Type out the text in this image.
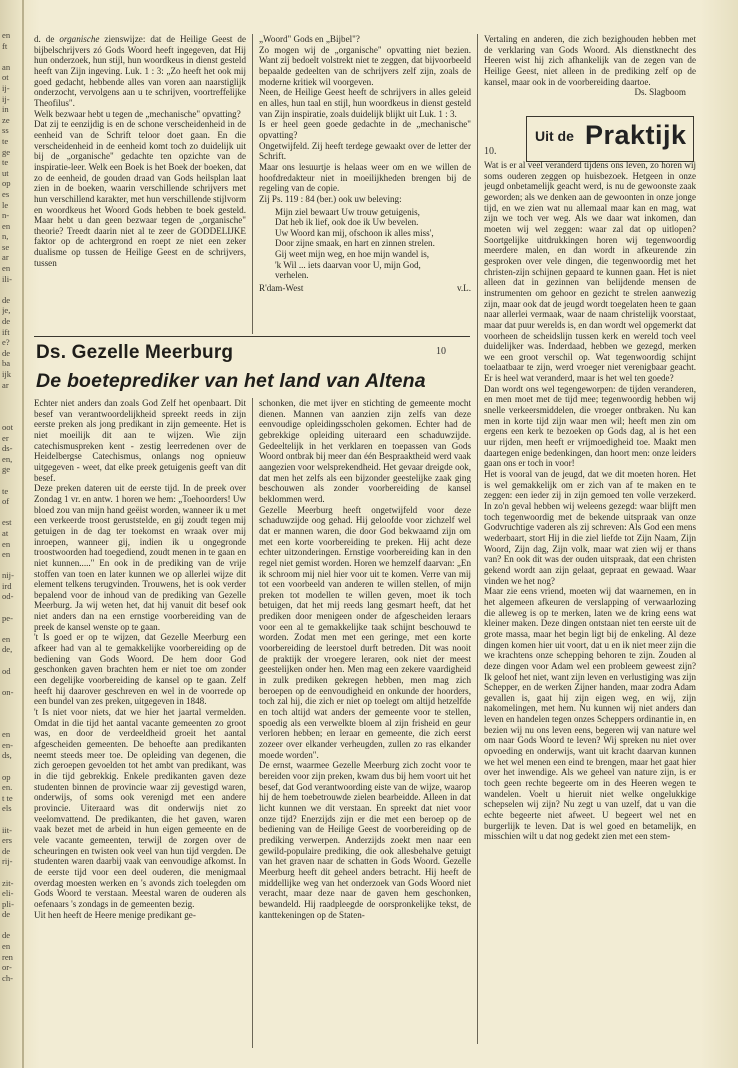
en
ft

an
ot
ij-
ij-
in
ze
ss
te
ge
te
ut
op
es
le
n-
en
n,
se
ar
en
ili-

de
je,
de
ift
e?
de
ba
ijk
ar

oot
er
ds-
en,
ge

te
of

est
at
en
en

nij-
ird
od-

pe-

en
de,

od

on-

en
en-
ds,

op
en.
t te
els

iit-
ers
de
rij-

zit-
eli-
pli-
de

de
en
ren
or-
ch-

d. de organische zienswijze: dat de Heilige Geest de bijbelschrijvers zó Gods Woord heeft ingegeven, dat Hij hun onderzoek, hun stijl, hun woordkeus in dienst gesteld heeft van Zijn ingeving. Luk. 1 : 3: „Zo heeft het ook mij goed gedacht, hebbende alles van voren aan naarstiglijk onderzocht, vervolgens aan u te schrijven, voortreffelijke Theofilus".

Welk bezwaar hebt u tegen de „mechanische" opvatting?

Dat zij te eenzijdig is en de schone verscheidenheid in de eenheid van de Schrift teloor doet gaan. En die verscheidenheid in de eenheid komt toch zo duidelijk uit bij de „organische" gedachte ten opzichte van de inspiratie-leer. Welk een Boek is het Boek der boeken, dat zo de eenheid, de gouden draad van Gods heilsplan laat zien in de boeken, waarin verschillende schrijvers met hun verschillend karakter, met hun verschillende stijlvorm en woordkeus het Woord Gods hebben te boek gesteld. Maar hebt u dan geen bezwaar tegen de „organische" theorie? Treedt daarin niet al te zeer de GODDELIJKE faktor op de achtergrond en roept ze niet een zeker dualisme op tussen de Heilige Geest en de schrijvers, tussen

„Woord" Gods en „Bijbel"?

Zo mogen wij de „organische" opvatting niet bezien. Want zij bedoelt volstrekt niet te zeggen, dat bijvoorbeeld bepaalde gedeelten van de schrijvers zelf zijn, zoals de moderne kritiek wil voorgeven.

Neen, de Heilige Geest heeft de schrijvers in alles geleid en alles, hun taal en stijl, hun woordkeus in dienst gesteld van Zijn inspiratie, zoals duidelijk blijkt uit Luk. 1 : 3.

Is er heel geen goede gedachte in de „mechanische" opvatting?

Ongetwijfeld. Zij heeft terdege gewaakt over de letter der Schrift.

Maar ons lesuurtje is helaas weer om en we willen de hoofdredakteur niet in moeilijkheden brengen bij de regeling van de copie.

Zij Ps. 119 : 84 (ber.) ook uw beleving:

Mijn ziel bewaart Uw trouw getuigenis,
Dat heb ik lief, ook doe ik Uw bevelen.
Uw Woord kan mij, ofschoon ik alles miss',
Door zijne smaak, en hart en zinnen strelen.
Gij weet mijn weg, en hoe mijn wandel is,
'k Wil ... iets daarvan voor U, mijn God,
verhelen.

R'dam-West	v.L.

Vertaling en anderen, die zich bezighouden hebben met de verklaring van Gods Woord. Als dienstknecht des Heeren wist hij zich afhankelijk van de zegen van de Heilige Geest, niet alleen in de prediking zelf op de kansel, maar ook in de voorbereiding daartoe.

Ds. Slagboom

Ds. Gezelle Meerburg	10
De boeteprediker van het land van Altena

Echter niet anders dan zoals God Zelf het openbaart. Dit besef van verantwoordelijkheid spreekt reeds in zijn eerste preken als jong predikant in zijn gemeente. Het is niet moeilijk dit aan te wijzen. Wie zijn catechismuspreken kent - zestig leerredenen over de Heidelbergse Catechismus, onlangs nog opnieuw uitgegeven - weet, dat elke preek getuigenis geeft van dit besef.

Deze preken dateren uit de eerste tijd. In de preek over Zondag 1 vr. en antw. 1 horen we hem: „Toehoorders! Uw bloed zou van mijn hand geëist worden, wanneer ik u met een verkeerde troost geruststelde, en gij zoudt tegen mij getuigen in de dag ter toekomst en wraak over mij inroepen, wanneer gij, indien ik u ongegronde troostwoorden had toegediend, zoudt menen in te gaan en niet kunnen....." En ook in de prediking van de vrije stoffen van toen en later kunnen we op allerlei wijze dit element telkens terugvinden. Trouwens, het is ook verder bepalend voor de inhoud van de prediking van Gezelle Meerburg. Ja wij weten het, dat hij vanuit dit besef ook niet anders dan na een ernstige voorbereiding van de preek de kansel wenste op te gaan.

't Is goed er op te wijzen, dat Gezelle Meerburg een afkeer had van al te gemakkelijke voorbereiding op de bediening van Gods Woord. De hem door God geschonken gaven brachten hem er niet toe om zonder een degelijke voorbereiding de kansel op te gaan. Zelf heeft hij daarover geschreven en wel in de voorrede op een bundel van zes preken, uitgegeven in 1848.

't Is niet voor niets, dat we hier het jaartal vermelden. Omdat in die tijd het aantal vacante gemeenten zo groot was, en door de verdeeldheid groeit het aantal afgescheiden gemeenten. De behoefte aan predikanten neemt steeds meer toe. De opleiding van degenen, die zich geroepen gevoelden tot het ambt van predikant, was in die tijd gebrekkig. Enkele predikanten gaven deze studenten binnen de provincie waar zij gevestigd waren, onderwijs, of soms ook verenigd met een andere provincie. Uiteraard was dit onderwijs niet zo veelomvattend. De predikanten, die het gaven, waren vaak bezet met de arbeid in hun eigen gemeente en de vele vacante gemeenten, terwijl de zorgen over de scheuringen en twisten ook veel van hun tijd vergden. De studenten waren daarbij vaak van eenvoudige afkomst. In de eerste tijd voor een deel ouderen, die menigmaal overdag moesten werken en 's avonds zich toelegden om Gods Woord te verstaan. Meestal waren de ouderen als oefenaars 's zondags in de gemeenten bezig.

Uit hen heeft de Heere menige predikant ge-

schonken, die met ijver en stichting de gemeente mocht dienen. Mannen van aanzien zijn zelfs van deze eenvoudige opleidingsscholen gekomen. Echter had de gebrekkige opleiding uiteraard een schaduwzijde. Gedeeltelijk in het verklaren en toepassen van Gods Woord ontbrak bij meer dan één Bespraaktheid werd vaak aangezien voor welsprekendheid. Het gevaar dreigde ook, dat men het zelfs als een bijzonder geestelijke zaak ging beschouwen als zonder voorbereiding de kansel beklommen werd.

Gezelle Meerburg heeft ongetwijfeld voor deze schaduwzijde oog gehad. Hij geloofde voor zichzelf wel dat er mannen waren, die door God bekwaamd zijn om met een korte voorbereiding te preken. Hij acht deze echter uitzonderingen. Ernstige voorbereiding kan in den regel niet gemist worden. Horen we hemzelf daarvan: „En ik schroom mij niel hier voor uit te komen. Verre van mij tot een voorbeeld van anderen te willen stellen, of mijn preken tot modellen te willen geven, moet ik toch betuigen, dat het mij reeds lang gesmart heeft, dat het prediken door menigeen onder de afgescheiden leraars voor een al te gemakkelijke taak schijnt beschouwd te worden. Zodat men met een geringe, met een korte voorbereiding de leerstoel durft betreden. Dit was nooit de praktijk der vroegere leraren, ook niet der meest geestelijken onder hen. Men mag een zekere vaardigheid in zulk prediken gekregen hebben, men mag zich beroepen op de eenvoudigheid en onkunde der hoorders, toch zal hij, die zich er niet op toelegt om altijd hetzelfde en toch altijd wat anders der gemeente voor te stellen, spoedig als een verwelkte bloem al zijn frisheid en geur verloren hebben; en leraar en gemeente, die zich eerst zozeer over elkander verheugden, zullen zo ras elkander moede worden".

De ernst, waarmee Gezelle Meerburg zich zocht voor te bereiden voor zijn preken, kwam dus bij hem voort uit het besef, dat God verantwoording eiste van de wijze, waarop hij de hem toebetrouwde zielen bearbeidde. Alleen in dat licht kunnen we dit verstaan. En spreekt dat niet voor onze tijd? Enerzijds zijn er die met een beroep op de bediening van de Heilige Geest de voorbereiding op de prediking verwerpen. Anderzijds zoekt men naar een gewild-populaire prediking, die ook allesbehalve getuigt van het graven naar de schatten in Gods Woord. Gezelle Meerburg heeft dit geheel anders betracht. Hij heeft de middellijke weg van het onderzoek van Gods Woord niet veracht, maar deze naar de gaven hem geschonken, bewandeld. Hij raadpleegde de oorspronkelijke tekst, de kanttekeningen op de Staten-

Uit de Praktijk
10.

Wat is er al veel veranderd tijdens ons leven, zo horen wij soms ouderen zeggen op huisbezoek. Hetgeen in onze jeugd onbetamelijk geacht werd, is nu de gewoonste zaak geworden; als we denken aan de gewoonten in onze jonge tijd, en we zien wat nu allemaal maar kan en mag, wat zijn we toch ver weg. Als we daar wat inkomen, dan moeten wij wel zeggen: waar zal dat op uitlopen? Soortgelijke uitdrukkingen horen wij tegenwoordig meerdere malen, en dan wordt in afkeurende zin gesproken over vele dingen, die tegenwoordig met het christen-zijn schijnen gepaard te kunnen gaan. Het is niet alleen dat in gezinnen van belijdende mensen de instrumenten om gehoor en gezicht te strelen aanwezig zijn, maar ook dat de jeugd wordt toegelaten heen te gaan naar allerlei vermaak, waar de naam christelijk voorstaat, maar dat puur werelds is, en dan wordt wel opgemerkt dat voorheen de scheidslijn tussen kerk en wereld toch veel duidelijker was. Inderdaad, hebben we gezegd, merken we een groot verschil op. Wat tegenwoordig schijnt toelaatbaar te zijn, werd vroeger niet verenigbaar geacht. Er is heel wat veranderd, maar is het wel ten goede?

Dan wordt ons wel tegengeworpen: de tijden veranderen, en men moet met de tijd mee; tegenwoordig hebben wij snelle verkeersmiddelen, die vroeger ontbraken. Nu kan men in korte tijd zijn waar men wil; heeft men zin om ergens een kerk te bezoeken op Gods dag, al is het een uur rijden, men heeft er vrijmoedigheid toe. Maakt men daartegen enige bedenkingen, dan hoort men: onze leiders gaan ons er toch in voor!

Het is vooral van de jeugd, dat we dit moeten horen. Het is wel gemakkelijk om er zich van af te maken en te zeggen: een ieder zij in zijn gemoed ten volle verzekerd. In zo'n geval hebben wij weleens gezegd: waar blijft men toch tegenwoordig met de bekende uitspraak van onze Godvruchtige vaderen als zij schreven: Als God een mens wederbaart, stort Hij in die ziel liefde tot Zijn Naam, Zijn Woord, Zijn dag, Zijn volk, maar wat zien wij er thans van? En ook dit was der ouden uitspraak, dat een christen gekend wordt aan zijn gelaat, gepraat en gewaad. Waar vinden we het nog?

Maar zie eens vriend, moeten wij dat waarnemen, en in het algemeen afkeuren de verslapping of verwaarlozing die alleweg is op te merken, laten we de kring eens wat kleiner maken. Deze dingen ontstaan niet ten eerste uit de grote massa, maar het begin ligt bij de enkeling. Al deze dingen komen hier uit voort, dat u en ik niet meer zijn die we krachtens onze schepping behoren te zijn. Zouden al deze dingen voor Adam wel een probleem geweest zijn? Ik geloof het niet, want zijn leven en verlustiging was zijn Schepper, en de werken Zijner handen, maar zodra Adam gevallen is, gaat hij zijn eigen weg, en wij, zijn nakomelingen, met hem. Nu kunnen wij niet anders dan leven en handelen tegen onzes Scheppers ordinantie in, en bezien wij nu ons leven eens, begeren wij van nature wel om naar Gods Woord te leven? Wij spreken nu niet over opvoeding en onderwijs, want uit kracht daarvan kunnen we het wel menen een eind te brengen, maar het gaat hier over het inwendige. Als we geheel van nature zijn, is er toch geen rechte begeerte om in des Heeren wegen te wandelen. Voelt u hieruit niet welke ongelukkige schepselen wij zijn? Nu zegt u van uzelf, dat u van die echte begeerte niet afweet. U begeert wel net en burgerlijk te leven. Dat is wel goed en betamelijk, en misschien wilt u dat nog gedekt zien met een stem-
